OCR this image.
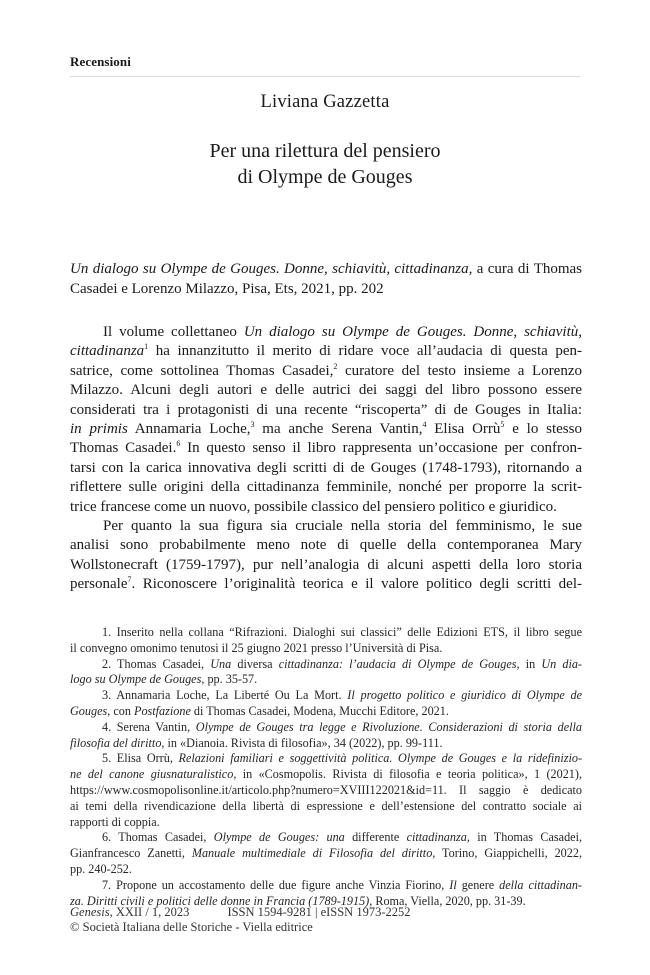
Recensioni
Liviana Gazzetta
Per una rilettura del pensiero
di Olympe de Gouges
Un dialogo su Olympe de Gouges. Donne, schiavitù, cittadinanza, a cura di Thomas Casadei e Lorenzo Milazzo, Pisa, Ets, 2021, pp. 202
Il volume collettaneo Un dialogo su Olympe de Gouges. Donne, schiavitù,
cittadinanza$^1$ ha innanzitutto il merito di ridare voce all’audacia di questa pen-
satrice, come sottolinea Thomas Casadei,$^2$ curatore del testo insieme a Lorenzo
Milazzo. Alcuni degli autori e delle autrici dei saggi del libro possono essere
considerati tra i protagonisti di una recente “riscoperta” di de Gouges in Italia:
in primis Annamaria Loche,$^3$ ma anche Serena Vantin,$^4$ Elisa Orrù$^5$ e lo stesso
Thomas Casadei.$^6$ In questo senso il libro rappresenta un’occasione per confron-
tarsi con la carica innovativa degli scritti di de Gouges (1748-1793), ritornando a
riflettere sulle origini della cittadinanza femminile, nonché per proporre la scrit-
trice francese come un nuovo, possibile classico del pensiero politico e giuridico.
Per quanto la sua figura sia cruciale nella storia del femminismo, le sue
analisi sono probabilmente meno note di quelle della contemporanea Mary
Wollstonecraft (1759-1797), pur nell’analogia di alcuni aspetti della loro storia
personale$^7$. Riconoscere l’originalità teorica e il valore politico degli scritti del-
1. Inserito nella collana “Rifrazioni. Dialoghi sui classici” delle Edizioni ETS, il libro segue
il convegno omonimo tenutosi il 25 giugno 2021 presso l’Università di Pisa.
2. Thomas Casadei, Una diversa cittadinanza: l’audacia di Olympe de Gouges, in Un dia-
logo su Olympe de Gouges, pp. 35-57.
3. Annamaria Loche, La Liberté Ou La Mort. Il progetto politico e giuridico di Olympe de
Gouges, con Postfazione di Thomas Casadei, Modena, Mucchi Editore, 2021.
4. Serena Vantin, Olympe de Gouges tra legge e Rivoluzione. Considerazioni di storia della
filosofia del diritto, in «Dianoia. Rivista di filosofia», 34 (2022), pp. 99-111.
5. Elisa Orrù, Relazioni familiari e soggettività politica. Olympe de Gouges e la ridefinizio-
ne del canone giusnaturalistico, in «Cosmopolis. Rivista di filosofia e teoria politica», 1 (2021),
https://www.cosmopolisonline.it/articolo.php?numero=XVIII122021&id=11. Il saggio è dedicato
ai temi della rivendicazione della libertà di espressione e dell’estensione del contratto sociale ai
rapporti di coppia.
6. Thomas Casadei, Olympe de Gouges: una differente cittadinanza, in Thomas Casadei,
Gianfrancesco Zanetti, Manuale multimediale di Filosofia del diritto, Torino, Giappichelli, 2022,
pp. 240-252.
7. Propone un accostamento delle due figure anche Vinzia Fiorino, Il genere della cittadinan-
za. Diritti civili e politici delle donne in Francia (1789-1915), Roma, Viella, 2020, pp. 31-39.
Genesis, XXII / 1, 2023	ISSN 1594-9281 | eISSN 1973-2252
© Società Italiana delle Storiche - Viella editrice
